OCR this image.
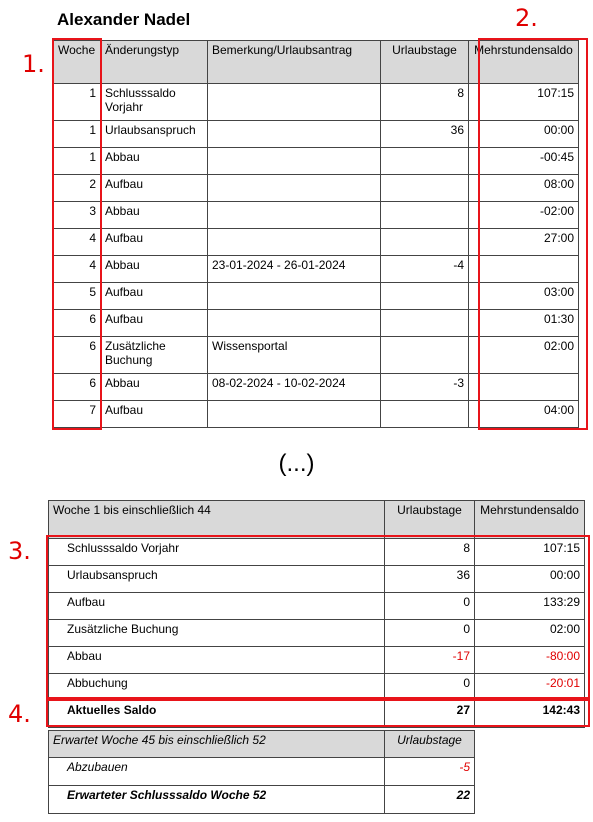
Alexander Nadel
1.
2.
3.
4.
Woche	Änderungstyp	Bemerkung/Urlaubsantrag	Urlaubstage	Mehrstundensaldo
1	Schlusssaldo Vorjahr		8	107:15
1	Urlaubsanspruch		36	00:00
1	Abbau			-00:45
2	Aufbau			08:00
3	Abbau			-02:00
4	Aufbau			27:00
4	Abbau	23-01-2024 - 26-01-2024	-4	
5	Aufbau			03:00
6	Aufbau			01:30
6	Zusätzliche Buchung	Wissensportal		02:00
6	Abbau	08-02-2024 - 10-02-2024	-3	
7	Aufbau			04:00
(...)
Woche 1 bis einschließlich 44	Urlaubstage	Mehrstundensaldo
Schlusssaldo Vorjahr	8	107:15
Urlaubsanspruch	36	00:00
Aufbau	0	133:29
Zusätzliche Buchung	0	02:00
Abbau	-17	-80:00
Abbuchung	0	-20:01
Aktuelles Saldo	27	142:43
Erwartet Woche 45 bis einschließlich 52	Urlaubstage
Abzubauen	-5
Erwarteter Schlusssaldo Woche 52	22
